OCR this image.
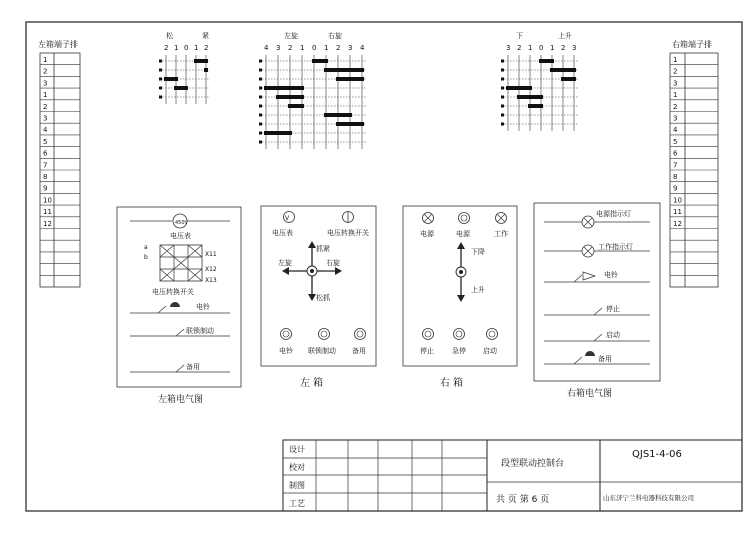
左箱端子排
1
2
3
1
2
3
4
5
6
7
8
9
10
11
12
右箱端子排
1
2
3
1
2
3
4
5
6
7
8
9
10
11
12
松	紧
2 1 0 1 2
左旋	右旋
4 3 2 1 0 1 2 3 4
下	上升
3 2 1 0 1 2 3
450V
电压表
a
b	X11
X12
X13
电压转换开关
电铃
联锁制动
备用
左箱电气图
V
电压表	电压转换开关
抓紧
左旋	右旋
松抓
电铃 联锁制动 备用
左 箱
电源	电源	工作
下降
上升
停止	急停 启动
右 箱
电源指示灯
工作指示灯
电铃
停止
启动
备用
右箱电气图
设计
校对
制图
工艺
段型联动控制台
QJS1-4-06
共 页 第 6 页	山东济宁兰科电器科技有限公司
